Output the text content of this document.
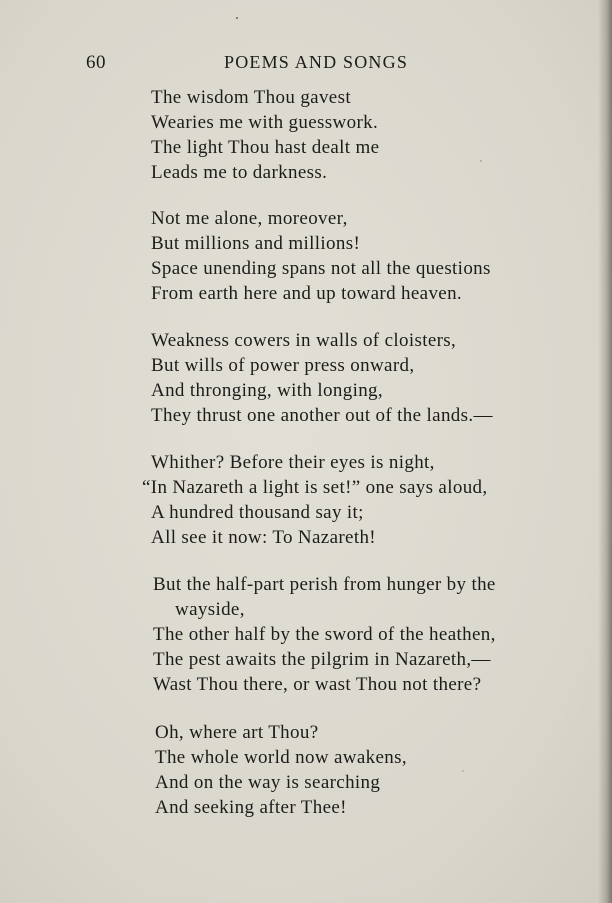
60	POEMS AND SONGS
The wisdom Thou gavest
Wearies me with guesswork.
The light Thou hast dealt me
Leads me to darkness.
Not me alone, moreover,
But millions and millions!
Space unending spans not all the questions
From earth here and up toward heaven.
Weakness cowers in walls of cloisters,
But wills of power press onward,
And thronging, with longing,
They thrust one another out of the lands.—
Whither? Before their eyes is night,
“In Nazareth a light is set!” one says aloud,
A hundred thousand say it;
All see it now: To Nazareth!
But the half-part perish from hunger by the
wayside,
The other half by the sword of the heathen,
The pest awaits the pilgrim in Nazareth,—
Wast Thou there, or wast Thou not there?
Oh, where art Thou?
The whole world now awakens,
And on the way is searching
And seeking after Thee!
